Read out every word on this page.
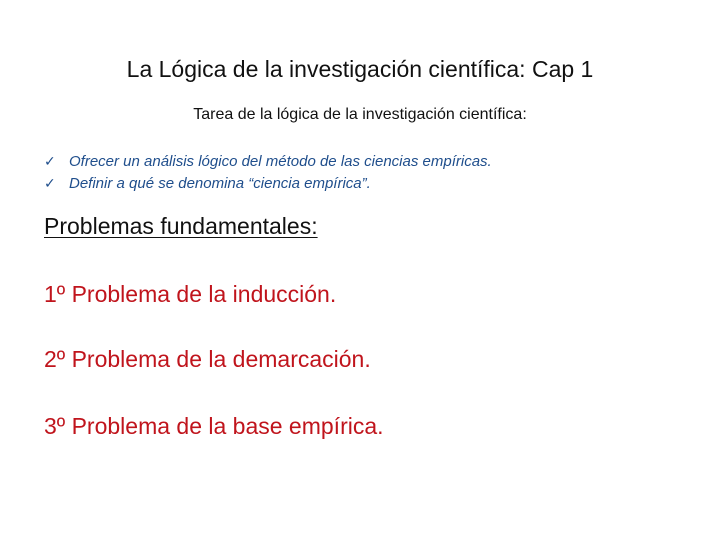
La Lógica de la investigación científica: Cap 1
Tarea de la lógica de la investigación científica:
✓ Ofrecer un análisis lógico del método de las ciencias empíricas.
✓ Definir a qué se denomina “ciencia empírica”.
Problemas fundamentales:
1º Problema de la inducción.
2º Problema de la demarcación.
3º Problema de la base empírica.
